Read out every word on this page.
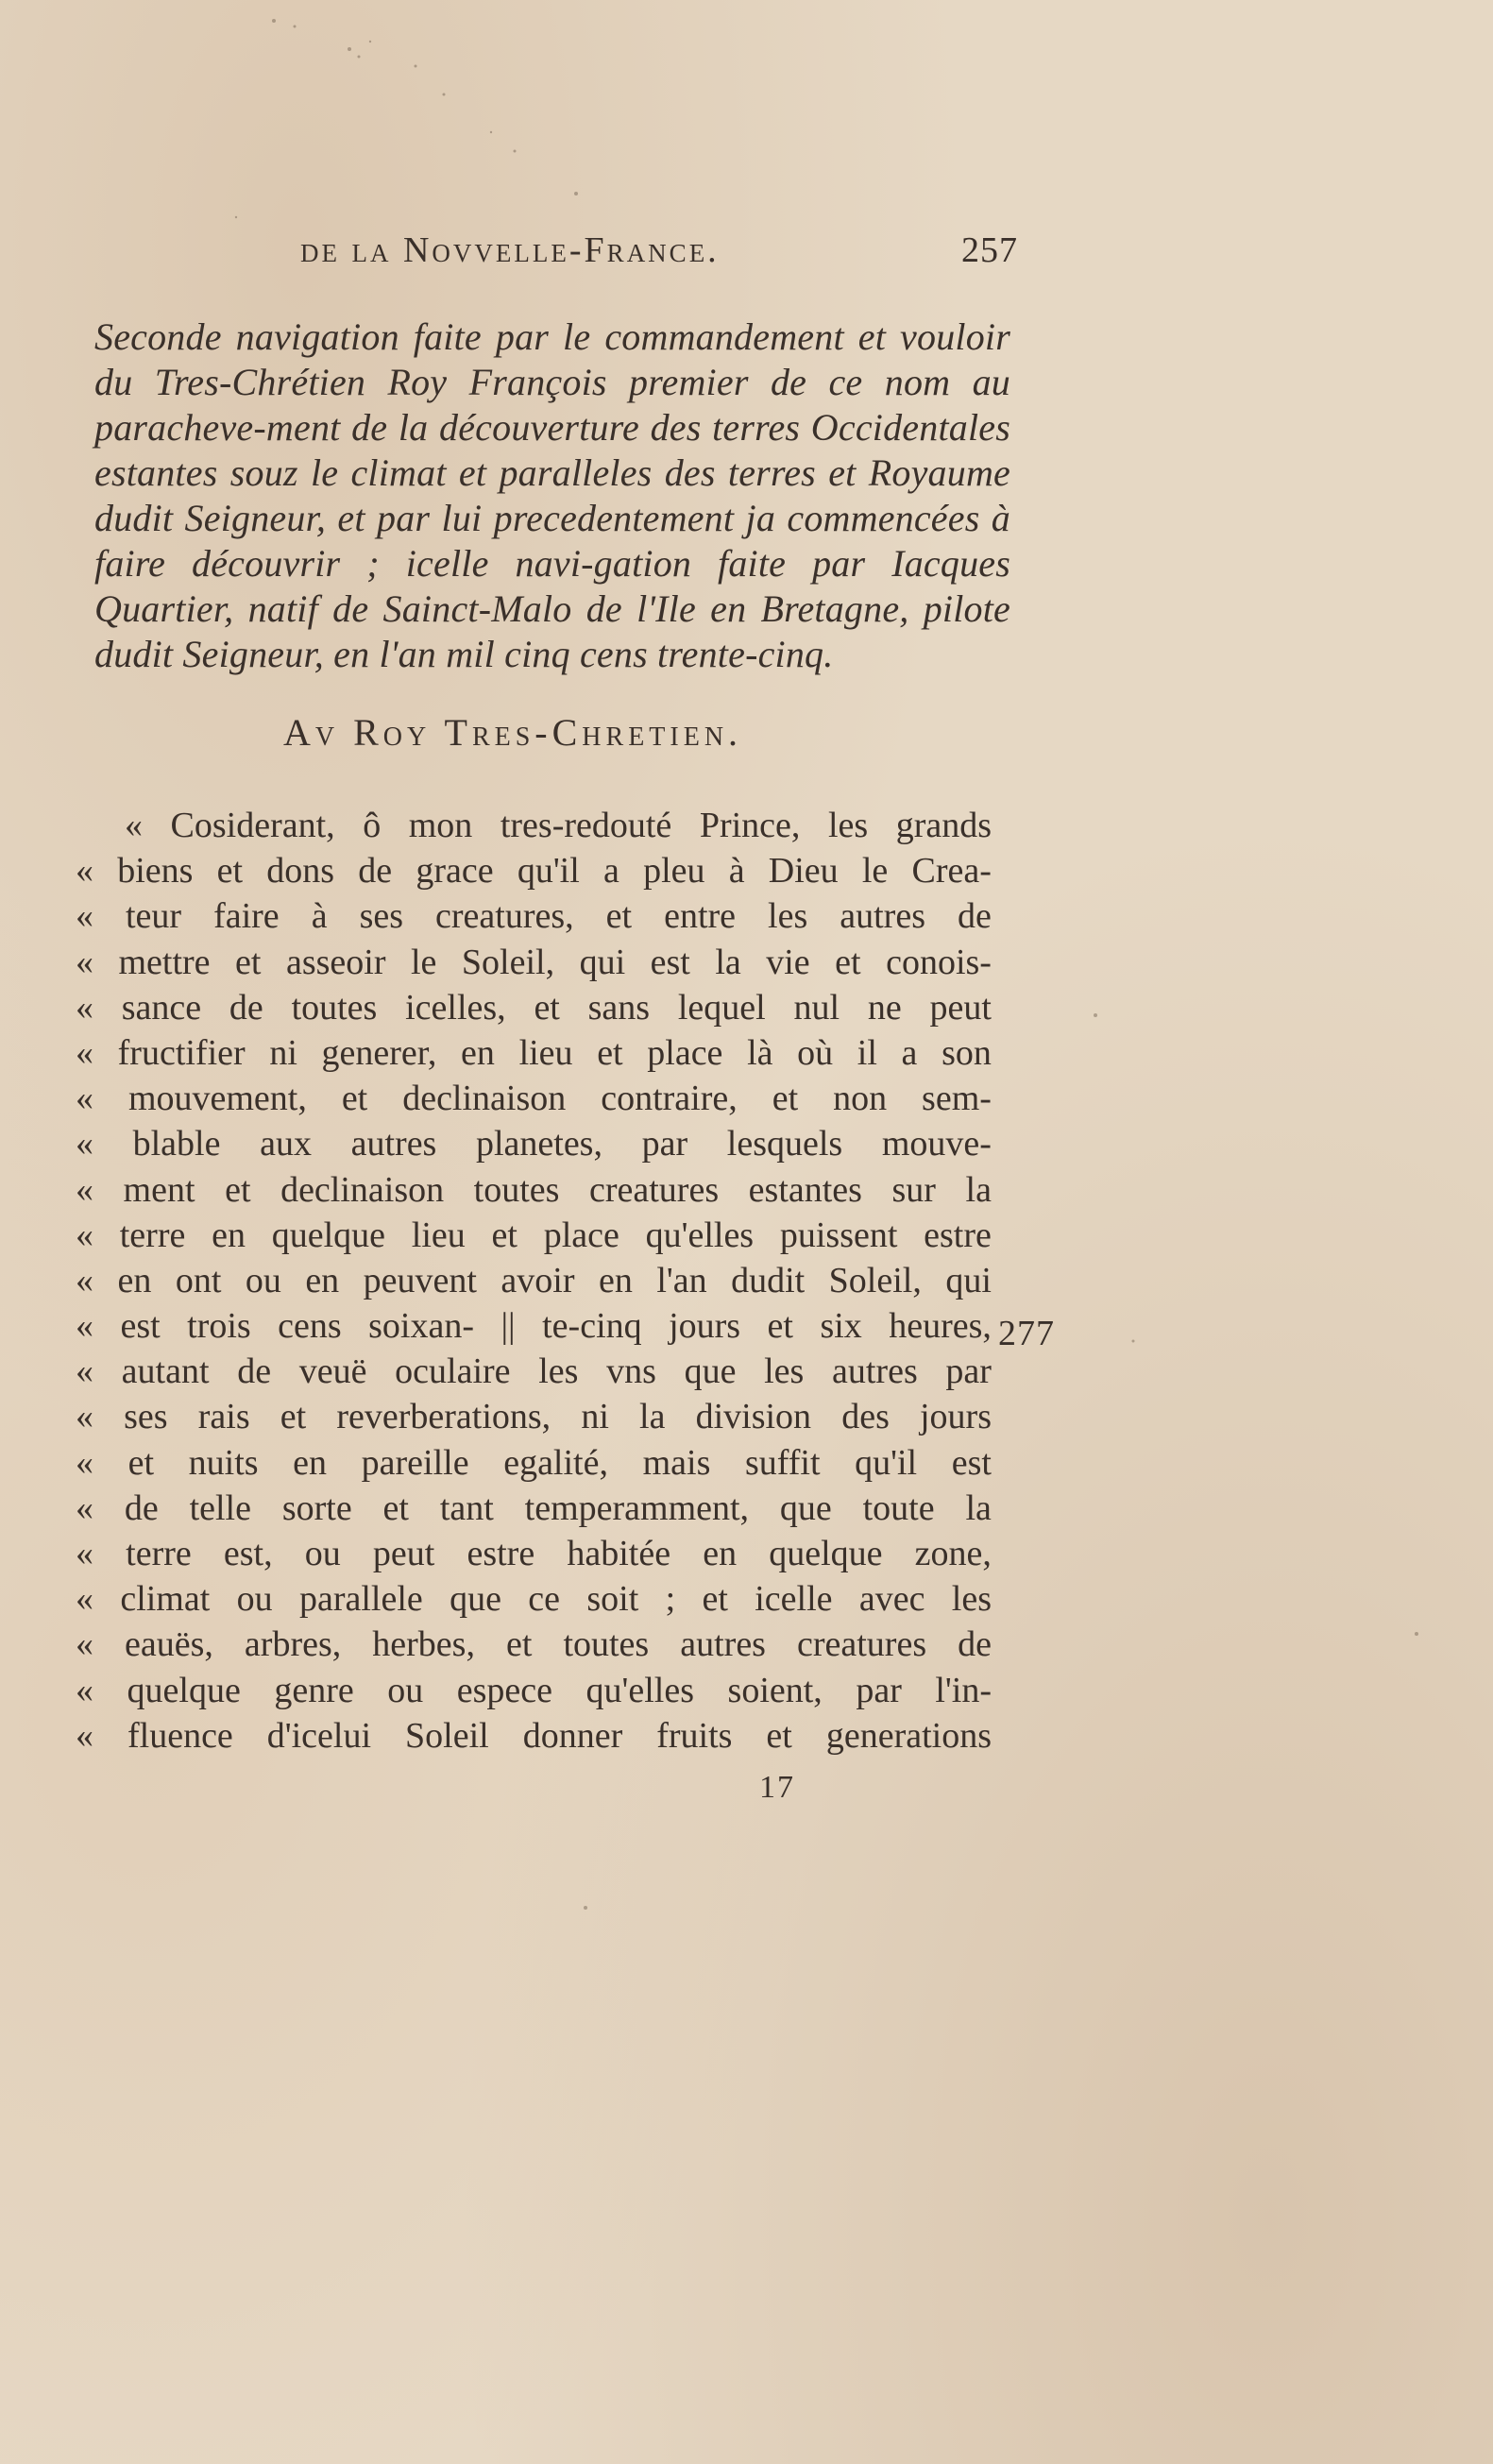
de la Novvelle-France.	257
Seconde navigation faite par le commandement et vouloir du Tres-Chrétien Roy François premier de ce nom au paracheve-ment de la découverture des terres Occidentales estantes souz le climat et paralleles des terres et Royaume dudit Seigneur, et par lui precedentement ja commencées à faire découvrir ; icelle navi-gation faite par Iacques Quartier, natif de Sainct-Malo de l'Ile en Bretagne, pilote dudit Seigneur, en l'an mil cinq cens trente-cinq.
Av Roy Tres-Chretien.
« Cosiderant, ô mon tres-redouté Prince, les grands
« biens et dons de grace qu'il a pleu à Dieu le Crea-
« teur faire à ses creatures, et entre les autres de
« mettre et asseoir le Soleil, qui est la vie et conois-
« sance de toutes icelles, et sans lequel nul ne peut
« fructifier ni generer, en lieu et place là où il a son
« mouvement, et declinaison contraire, et non sem-
« blable aux autres planetes, par lesquels mouve-
« ment et declinaison toutes creatures estantes sur la
« terre en quelque lieu et place qu'elles puissent estre
« en ont ou en peuvent avoir en l'an dudit Soleil, qui
« est trois cens soixan- || te-cinq jours et six heures,
« autant de veuë oculaire les vns que les autres par
« ses rais et reverberations, ni la division des jours
« et nuits en pareille egalité, mais suffit qu'il est
« de telle sorte et tant temperamment, que toute la
« terre est, ou peut estre habitée en quelque zone,
« climat ou parallele que ce soit ; et icelle avec les
« eauës, arbres, herbes, et toutes autres creatures de
« quelque genre ou espece qu'elles soient, par l'in-
« fluence d'icelui Soleil donner fruits et generations
277
17
